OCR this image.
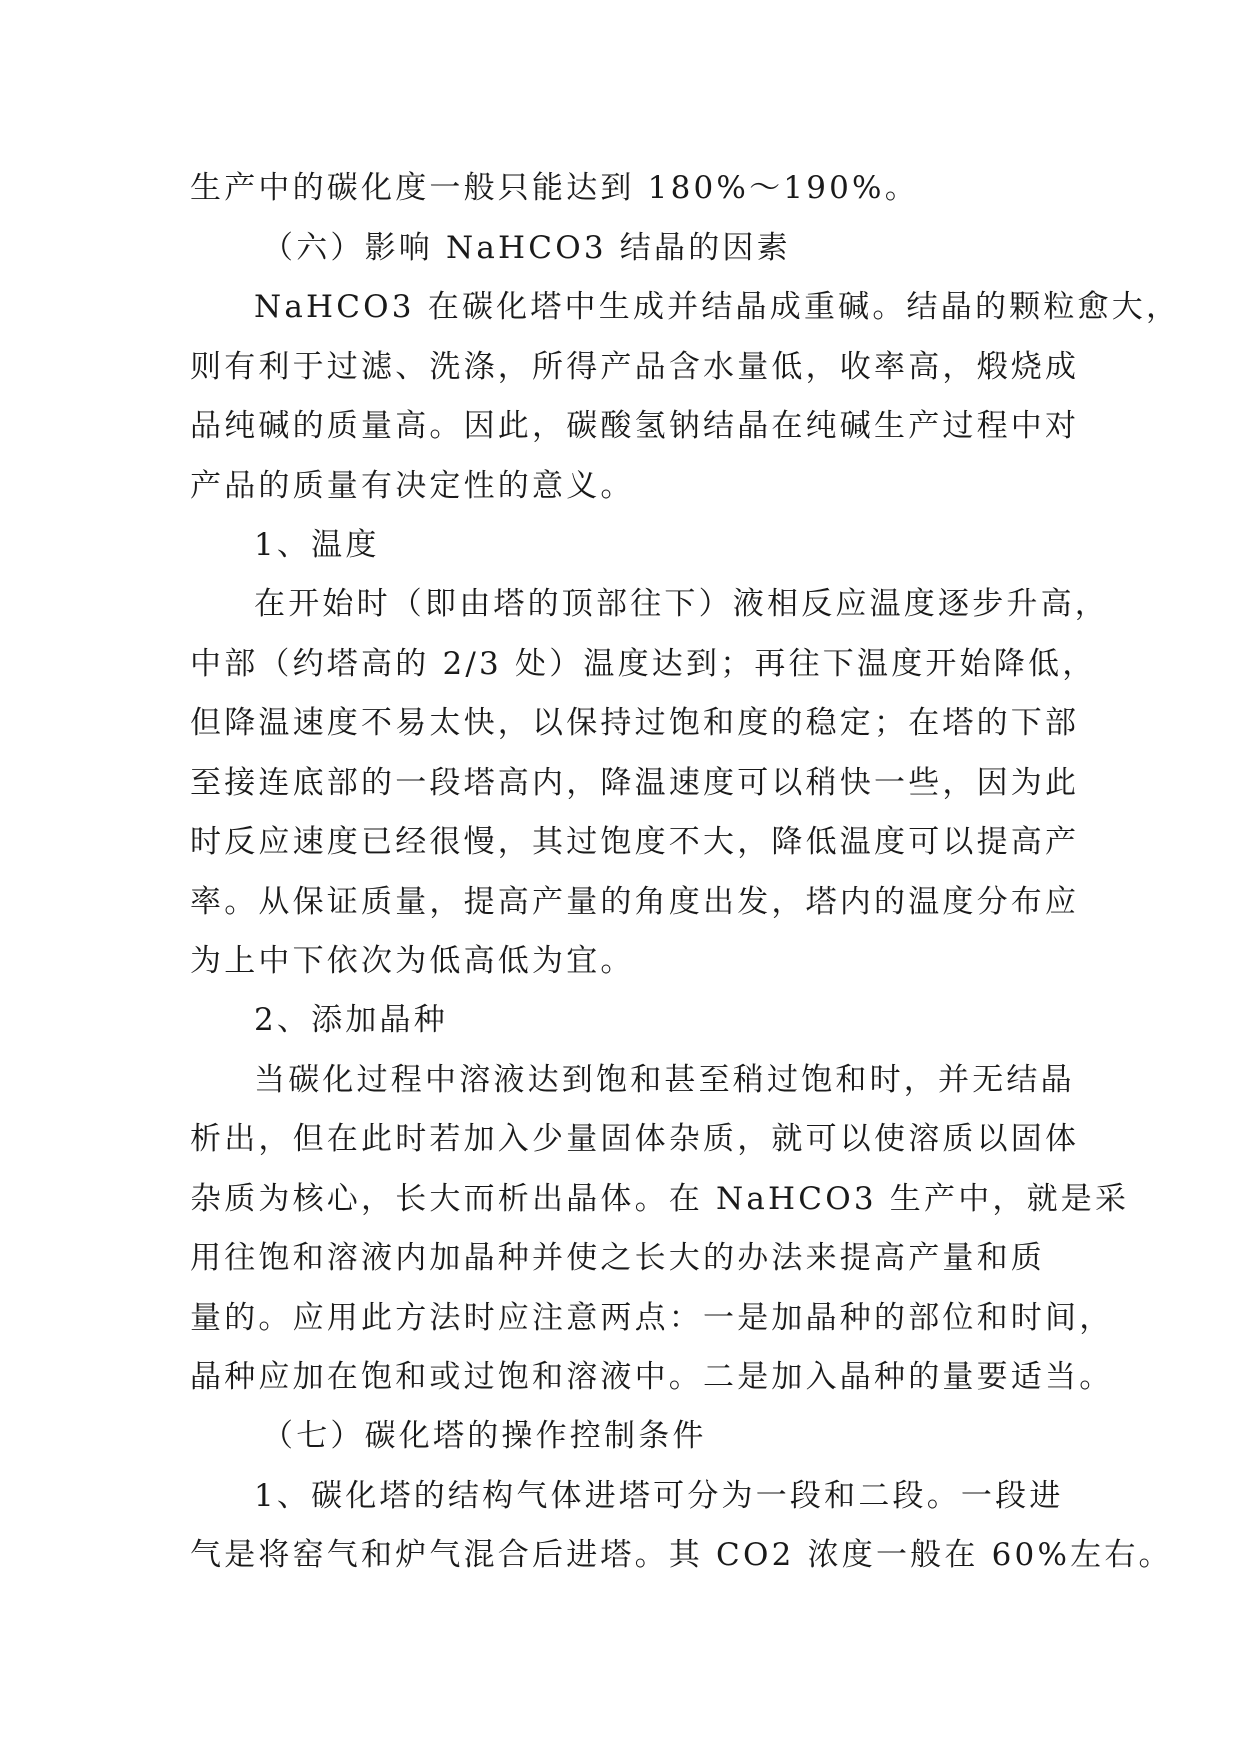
生产中的碳化度一般只能达到 180%～190%。
（六）影响 NaHCO3 结晶的因素
NaHCO3 在碳化塔中生成并结晶成重碱。结晶的颗粒愈大，
则有利于过滤、洗涤，所得产品含水量低，收率高，煅烧成
品纯碱的质量高。因此，碳酸氢钠结晶在纯碱生产过程中对
产品的质量有决定性的意义。
1、温度
在开始时（即由塔的顶部往下）液相反应温度逐步升高，
中部（约塔高的 2/3 处）温度达到；再往下温度开始降低，
但降温速度不易太快，以保持过饱和度的稳定；在塔的下部
至接连底部的一段塔高内，降温速度可以稍快一些，因为此
时反应速度已经很慢，其过饱度不大，降低温度可以提高产
率。从保证质量，提高产量的角度出发，塔内的温度分布应
为上中下依次为低高低为宜。
2、添加晶种
当碳化过程中溶液达到饱和甚至稍过饱和时，并无结晶
析出，但在此时若加入少量固体杂质，就可以使溶质以固体
杂质为核心，长大而析出晶体。在 NaHCO3 生产中，就是采
用往饱和溶液内加晶种并使之长大的办法来提高产量和质
量的。应用此方法时应注意两点：一是加晶种的部位和时间，
晶种应加在饱和或过饱和溶液中。二是加入晶种的量要适当。
（七）碳化塔的操作控制条件
1、碳化塔的结构气体进塔可分为一段和二段。一段进
气是将窑气和炉气混合后进塔。其 CO2 浓度一般在 60%左右。
